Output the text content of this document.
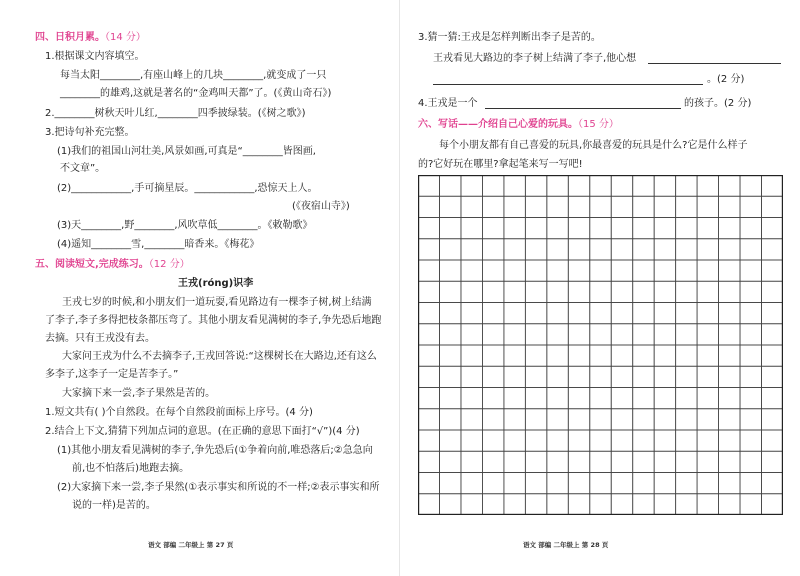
四、日积月累。（14 分）
1.根据课文内容填空。
每当太阳________,有座山峰上的几块________,就变成了一只
________的雄鸡,这就是著名的“金鸡叫天都”了。(《黄山奇石》)
2.________树秋天叶儿红,________四季披绿装。(《树之歌》)
3.把诗句补充完整。
(1)我们的祖国山河壮美,风景如画,可真是“________皆图画,
不文章”。
(2)____________,手可摘星辰。____________,恐惊天上人。
(《夜宿山寺》)
(3)天________,野________,风吹草低________。《敕勒歌》
(4)遥知________雪,________暗香来。《梅花》
五、阅读短文,完成练习。（12 分）
王戎(róng)识李
王戎七岁的时候,和小朋友们一道玩耍,看见路边有一棵李子树,树上结满
了李子,李子多得把枝条都压弯了。其他小朋友看见满树的李子,争先恐后地跑
去摘。只有王戎没有去。
大家问王戎为什么不去摘李子,王戎回答说:“这棵树长在大路边,还有这么
多李子,这李子一定是苦李子。”
大家摘下来一尝,李子果然是苦的。
1.短文共有( )个自然段。在每个自然段前面标上序号。(4 分)
2.结合上下文,猜猜下列加点词的意思。(在正确的意思下面打“√”)(4 分)
(1)其他小朋友看见满树的李子,争先恐后(①争着向前,唯恐落后;②急急向
前,也不怕落后)地跑去摘。
(2)大家摘下来一尝,李子果然(①表示事实和所说的不一样;②表示事实和所
说的一样)是苦的。
语文 部编 二年级上 第 27 页
3.猜一猜:王戎是怎样判断出李子是苦的。
王戎看见大路边的李子树上结满了李子,他心想
。(2 分)
4.王戎是一个	的孩子。(2 分)
六、写话——介绍自己心爱的玩具。（15 分）
每个小朋友都有自己喜爱的玩具,你最喜爱的玩具是什么?它是什么样子
的?它好玩在哪里?拿起笔来写一写吧!
语文 部编 二年级上 第 28 页
